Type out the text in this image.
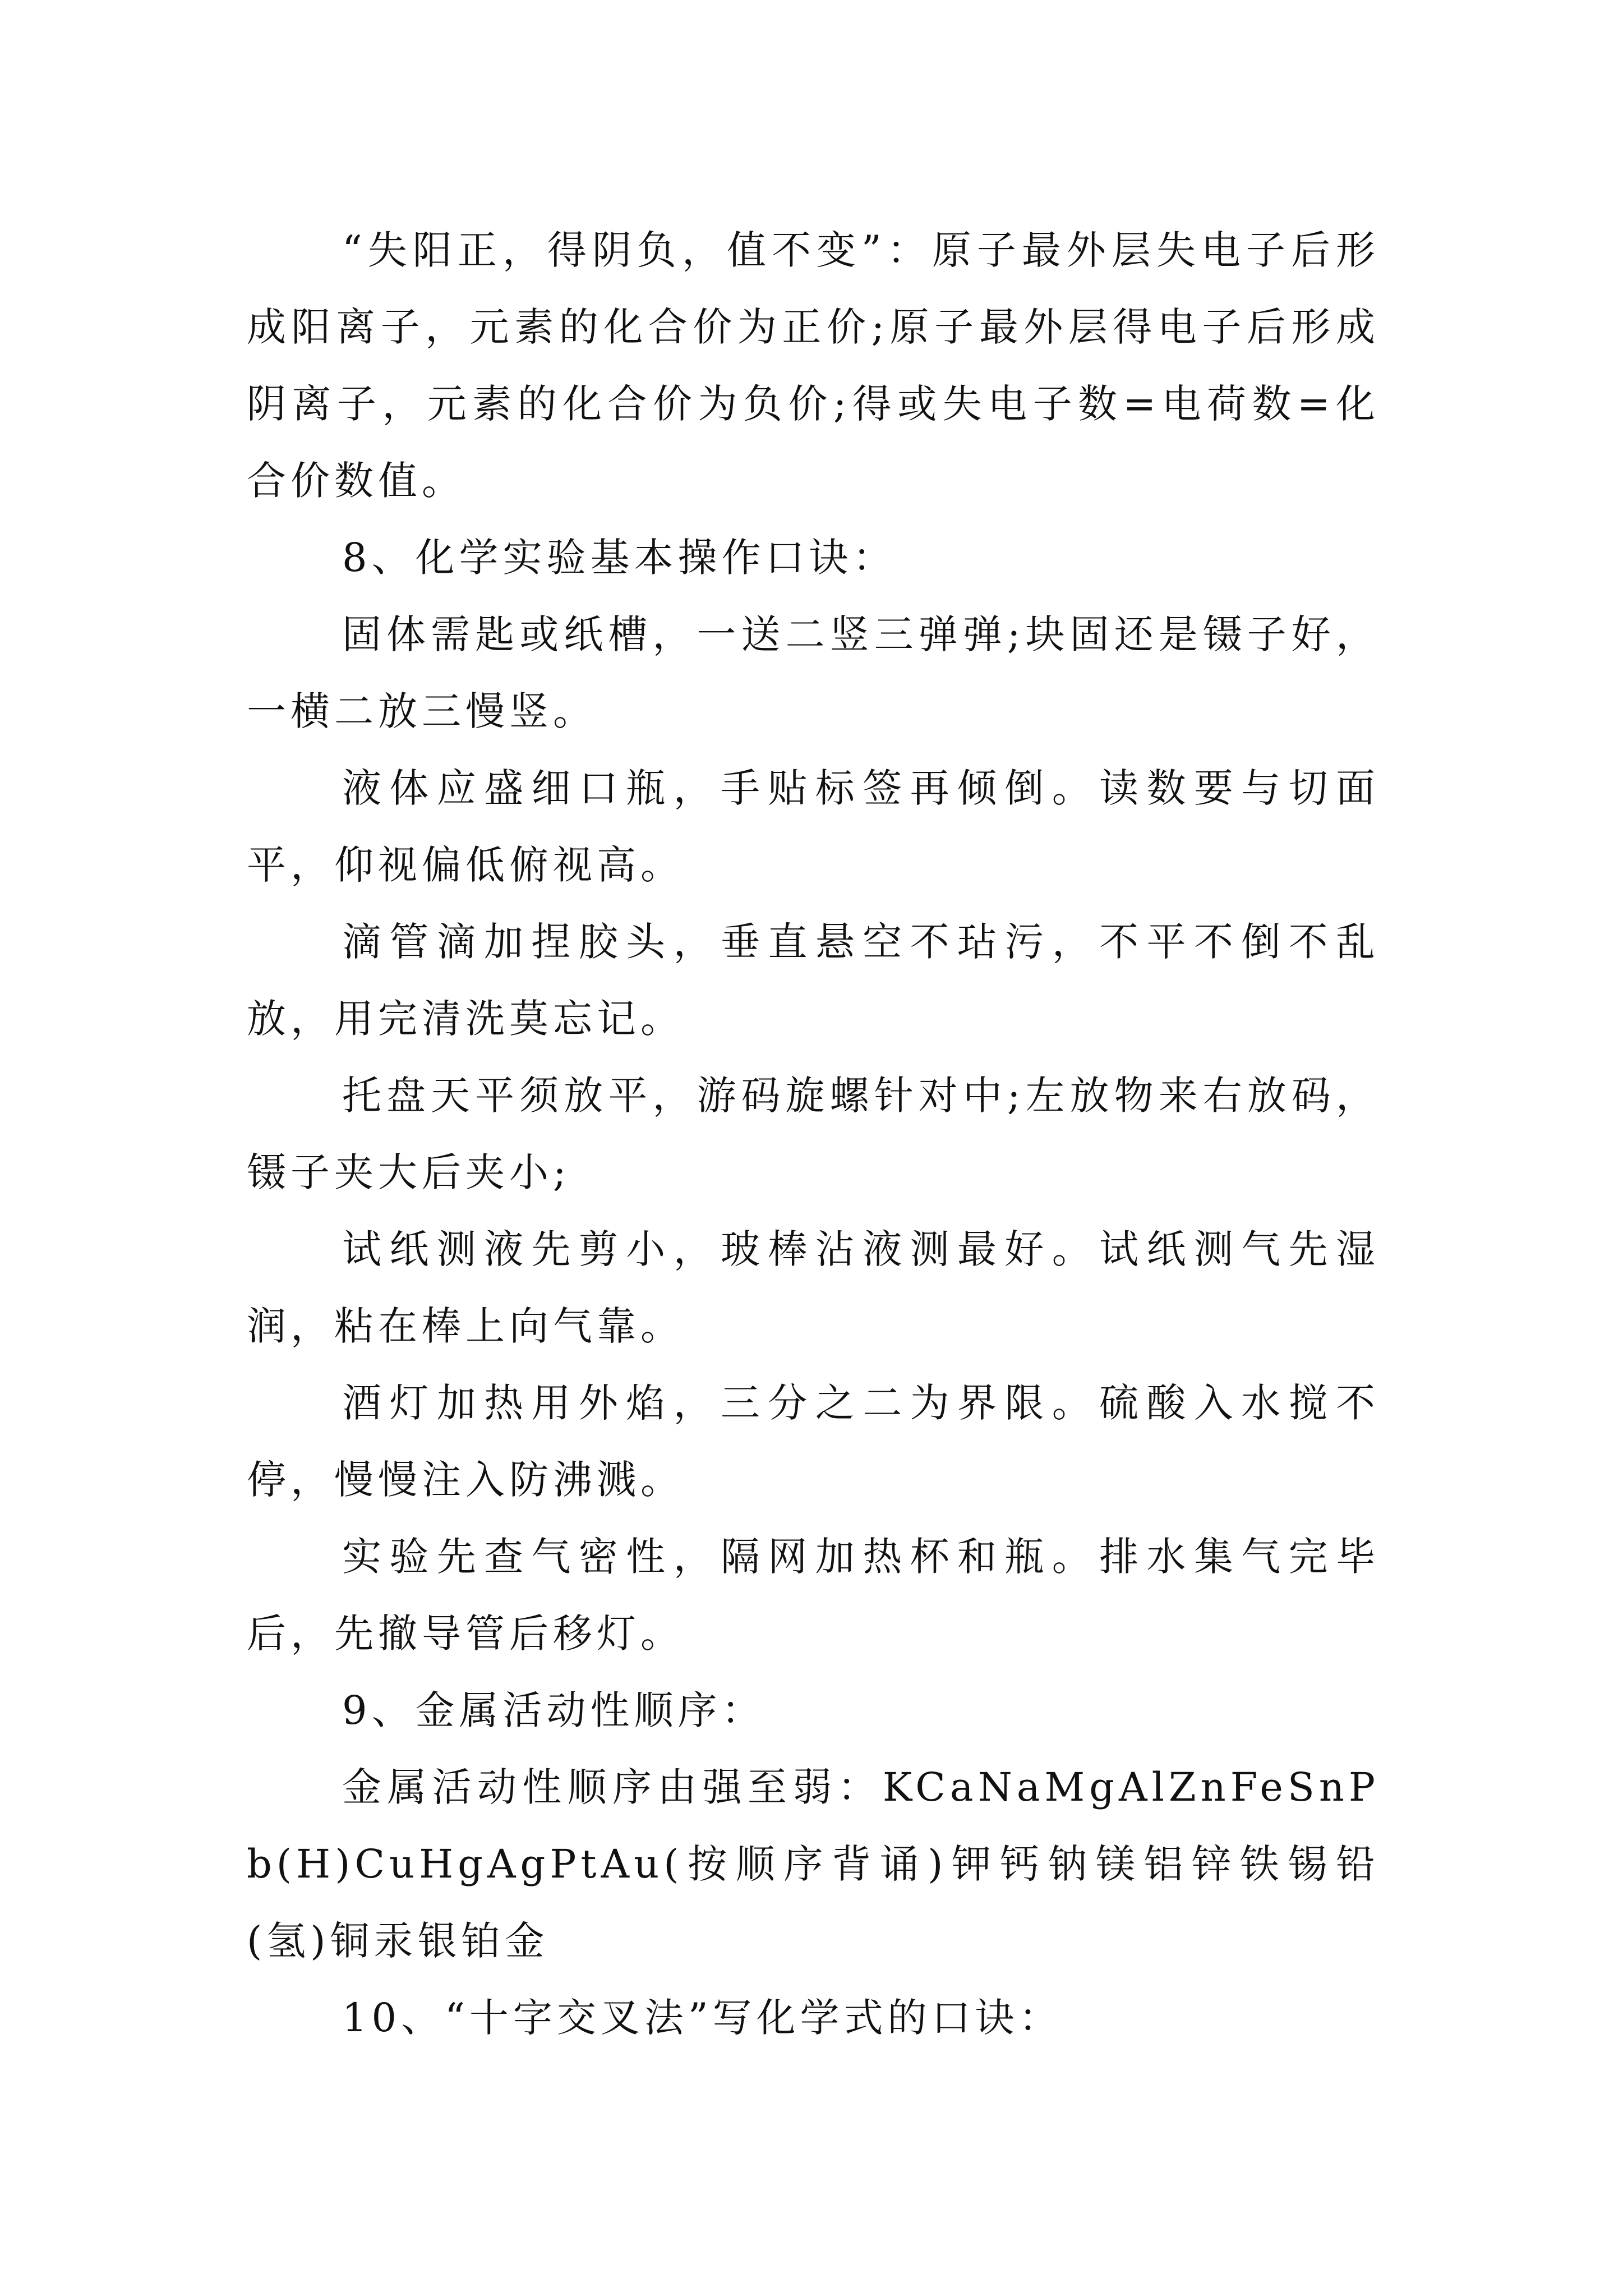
“失阳正，得阴负，值不变”：原子最外层失电子后形成阳离子，元素的化合价为正价;原子最外层得电子后形成阴离子，元素的化合价为负价;得或失电子数=电荷数=化合价数值。

8、化学实验基本操作口诀：

固体需匙或纸槽，一送二竖三弹弹;块固还是镊子好，一横二放三慢竖。

液体应盛细口瓶，手贴标签再倾倒。读数要与切面平，仰视偏低俯视高。

滴管滴加捏胶头，垂直悬空不玷污，不平不倒不乱放，用完清洗莫忘记。

托盘天平须放平，游码旋螺针对中;左放物来右放码，镊子夹大后夹小;

试纸测液先剪小，玻棒沾液测最好。试纸测气先湿润，粘在棒上向气靠。

酒灯加热用外焰，三分之二为界限。硫酸入水搅不停，慢慢注入防沸溅。

实验先查气密性，隔网加热杯和瓶。排水集气完毕后，先撤导管后移灯。

9、金属活动性顺序：

金属活动性顺序由强至弱：KCaNaMgAlZnFeSnPb(H)CuHgAgPtAu(按顺序背诵)钾钙钠镁铝锌铁锡铅(氢)铜汞银铂金

10、“十字交叉法”写化学式的口诀：
